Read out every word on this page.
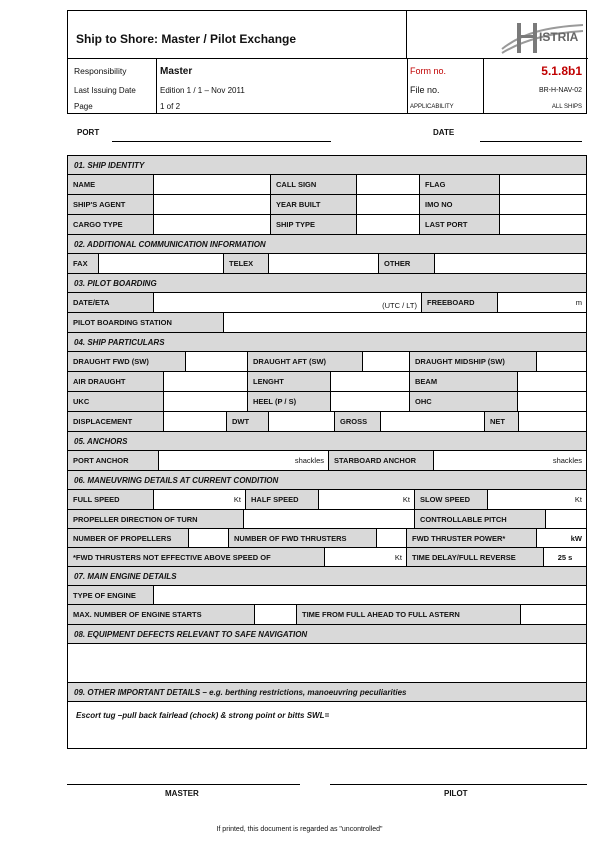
Ship to Shore: Master / Pilot Exchange	ISTRIA
Responsibility	Master	Form no.	5.1.8b1
Last Issuing Date	Edition 1 / 1 – Nov 2011	File no.	BR-H-NAV-02
Page	1 of 2	APPLICABILITY	ALL SHIPS
PORT	DATE
01. SHIP IDENTITY
NAME	CALL SIGN	FLAG
SHIP'S AGENT	YEAR BUILT	IMO NO
CARGO TYPE	SHIP TYPE	LAST PORT
02. ADDITIONAL COMMUNICATION INFORMATION
FAX	TELEX	OTHER
03. PILOT BOARDING
DATE/ETA	(UTC / LT)	FREEBOARD	m
PILOT BOARDING STATION
04. SHIP PARTICULARS
DRAUGHT FWD (SW)	DRAUGHT AFT (SW)	DRAUGHT MIDSHIP (SW)
AIR DRAUGHT	LENGHT	BEAM
UKC	HEEL (P / S)	OHC
DISPLACEMENT	DWT	GROSS	NET
05. ANCHORS
PORT ANCHOR	shackles	STARBOARD ANCHOR	shackles
06. MANEUVRING DETAILS AT CURRENT CONDITION
FULL SPEED	Kt	HALF SPEED	Kt	SLOW SPEED	Kt
PROPELLER DIRECTION OF TURN	CONTROLLABLE PITCH
NUMBER OF PROPELLERS	NUMBER OF FWD THRUSTERS	FWD THRUSTER POWER*	kW
*FWD THRUSTERS NOT EFFECTIVE ABOVE SPEED OF	Kt	TIME DELAY/FULL REVERSE	25 s
07. MAIN ENGINE DETAILS
TYPE OF ENGINE
MAX. NUMBER OF ENGINE STARTS	TIME FROM FULL AHEAD TO FULL ASTERN
08. EQUIPMENT DEFECTS RELEVANT TO SAFE NAVIGATION
09. OTHER IMPORTANT DETAILS – e.g. berthing restrictions, manoeuvring peculiarities
Escort tug –pull back fairlead (chock) & strong point or bitts SWL=
MASTER	PILOT
If printed, this document is regarded as "uncontrolled"
